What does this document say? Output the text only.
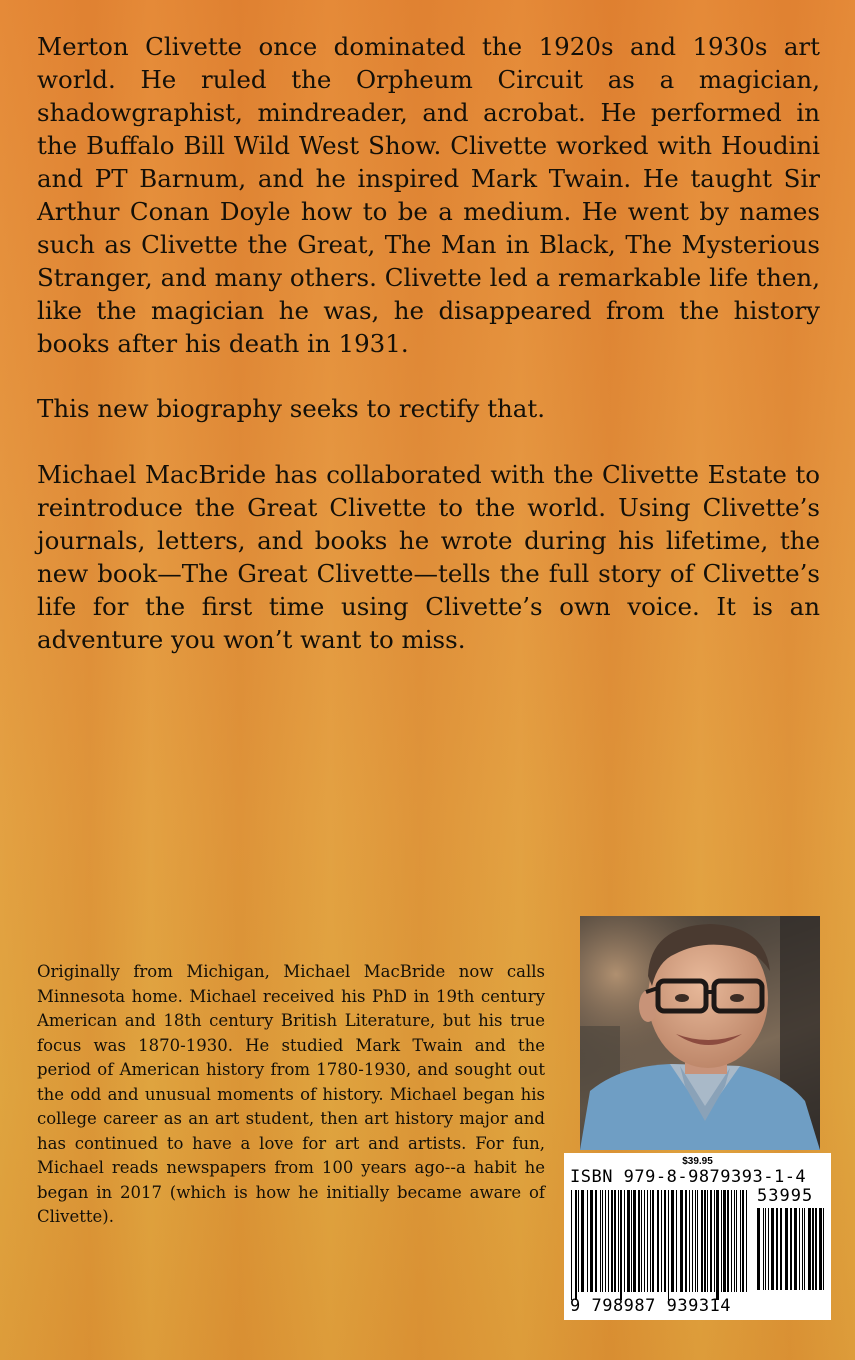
Merton Clivette once dominated the 1920s and 1930s art world. He ruled the Orpheum Circuit as a magician, shadowgraphist, mindreader, and acrobat. He performed in the Buffalo Bill Wild West Show. Clivette worked with Houdini and PT Barnum, and he inspired Mark Twain. He taught Sir Arthur Conan Doyle how to be a medium. He went by names such as Clivette the Great, The Man in Black, The Mysterious Stranger, and many others. Clivette led a remarkable life then, like the magician he was, he disappeared from the history books after his death in 1931.

This new biography seeks to rectify that.

Michael MacBride has collaborated with the Clivette Estate to reintroduce the Great Clivette to the world. Using Clivette’s journals, letters, and books he wrote during his lifetime, the new book—The Great Clivette—tells the full story of Clivette’s life for the first time using Clivette’s own voice. It is an adventure you won’t want to miss.

Originally from Michigan, Michael MacBride now calls Minnesota home. Michael received his PhD in 19th century American and 18th century British Literature, but his true focus was 1870-1930. He studied Mark Twain and the period of American history from 1780-1930, and sought out the odd and unusual moments of history. Michael began his college career as an art student, then art history major and has continued to have a love for art and artists. For fun, Michael reads newspapers from 100 years ago--a habit he began in 2017 (which is how he initially became aware of Clivette).

$39.95
ISBN 979-8-9879393-1-4
53995
9 798987 939314
